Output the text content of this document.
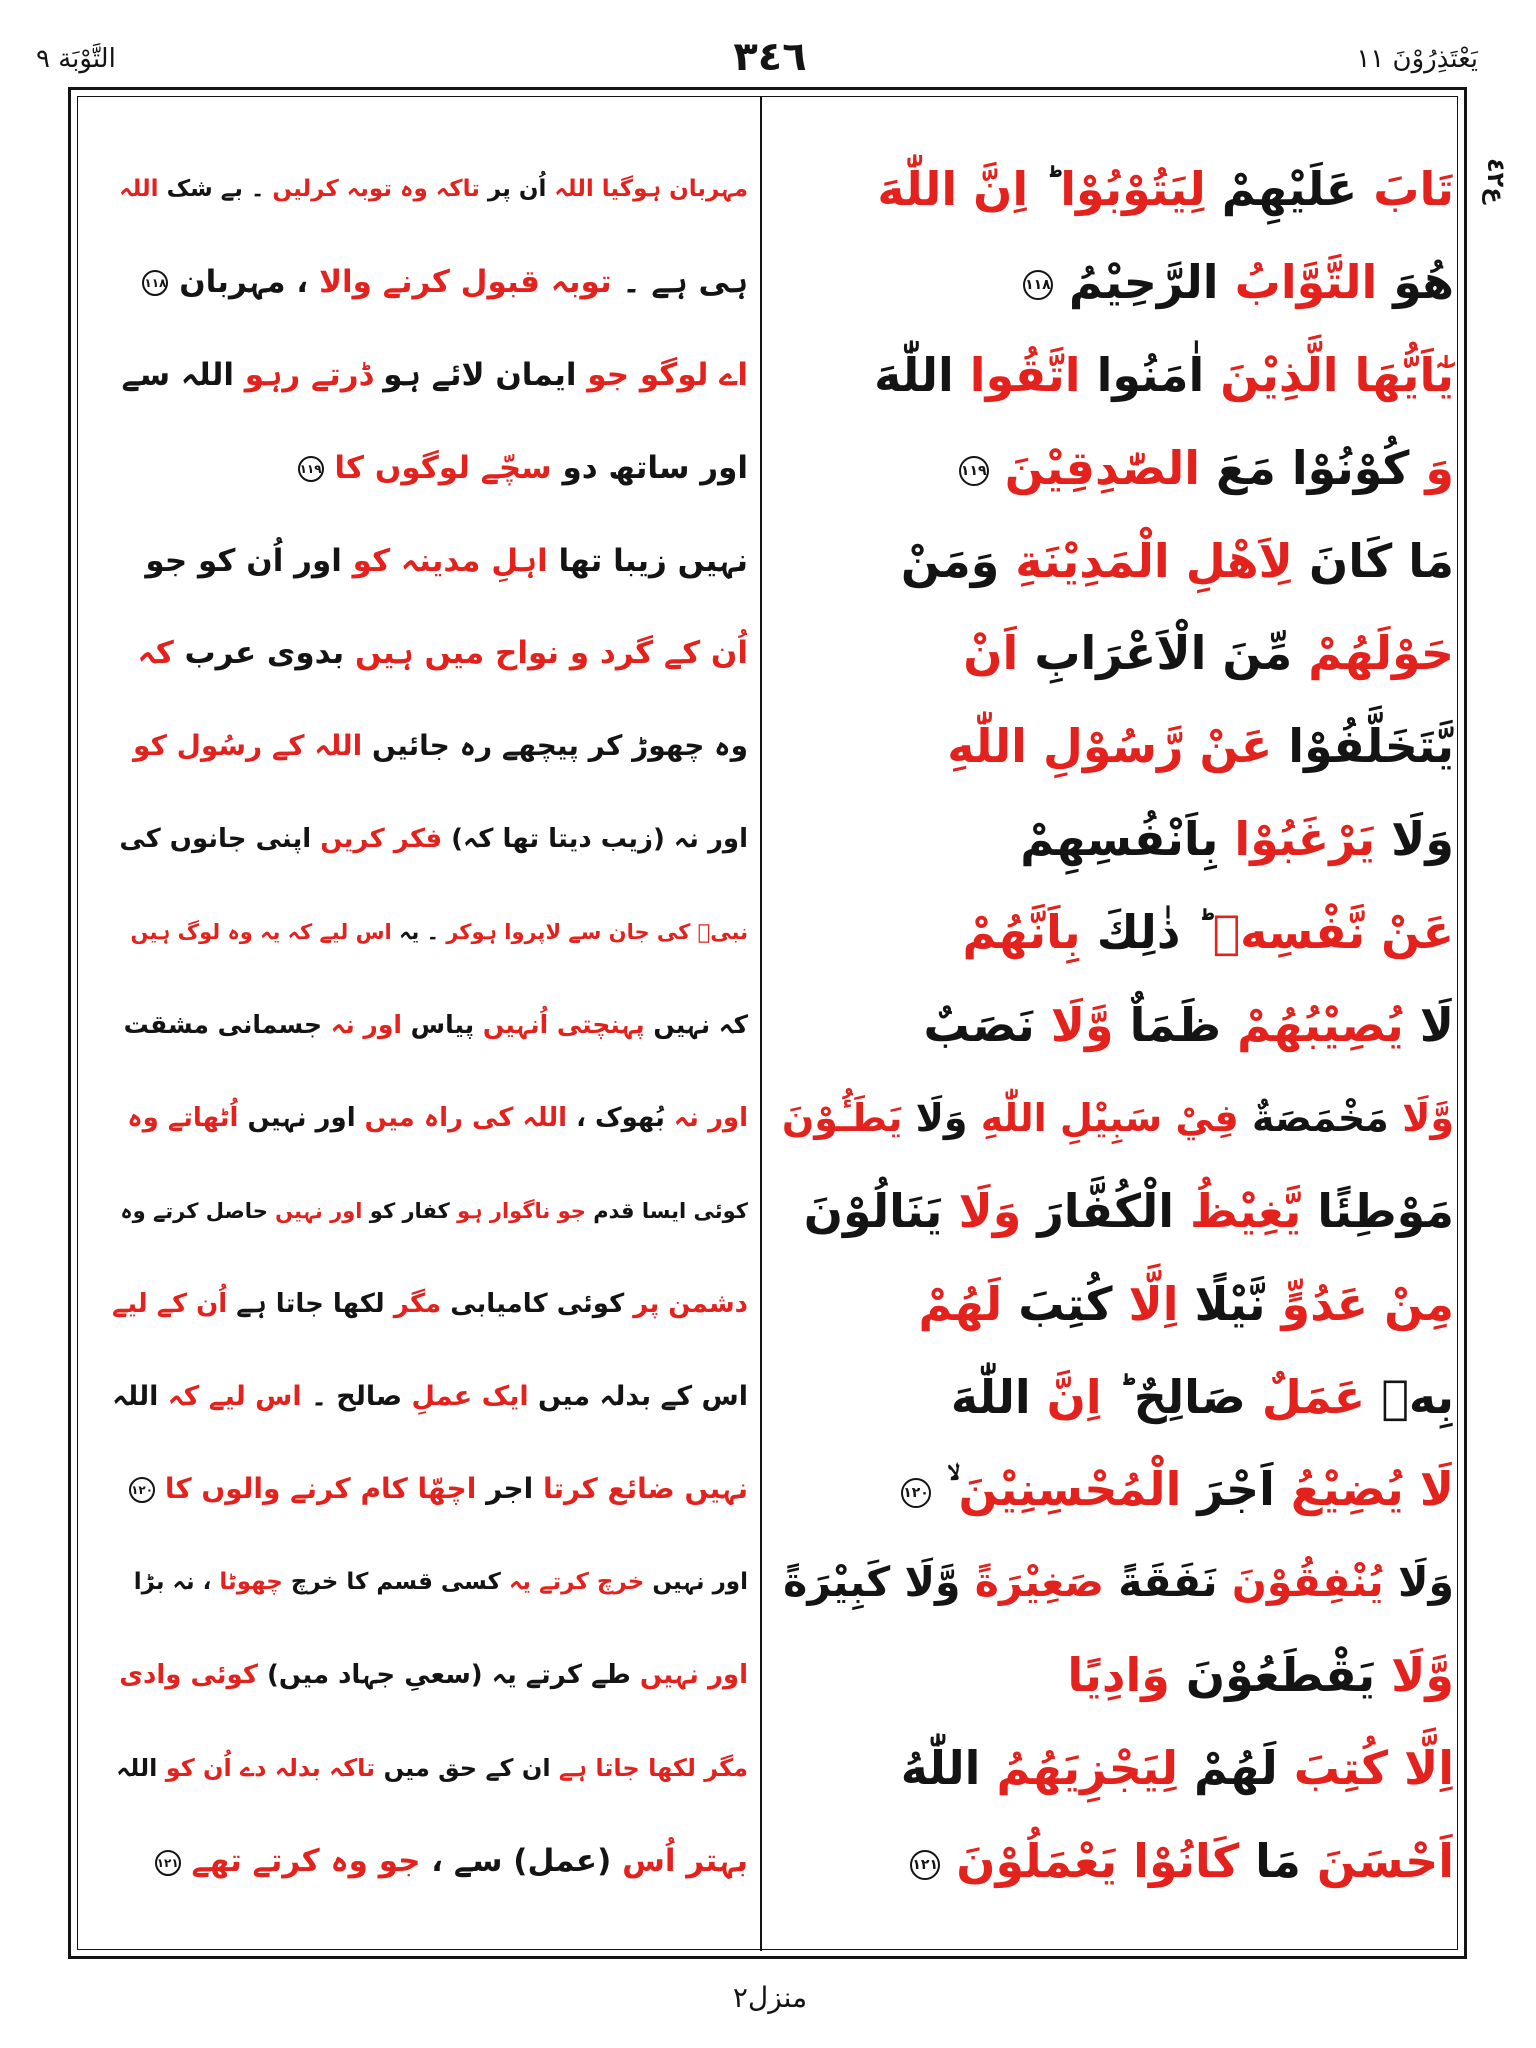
التَّوْبَة ٩	٣٤٦	يَعْتَذِرُوْنَ ١١
تَابَ عَلَيْهِمْ لِيَتُوْبُوْا اِنَّ اللّٰهَ
هُوَ التَّوَّابُ الرَّحِيْمُ ١١٨
يٰٓاَيُّهَا الَّذِيْنَ اٰمَنُوا اتَّقُوا اللّٰهَ
وَ كُوْنُوْا مَعَ الصّٰدِقِيْنَ ١١٩
مَا كَانَ لِاَهْلِ الْمَدِيْنَةِ وَمَنْ
حَوْلَهُمْ مِّنَ الْاَعْرَابِ اَنْ
يَّتَخَلَّفُوْا عَنْ رَّسُوْلِ اللّٰهِ
وَلَا يَرْغَبُوْا بِاَنْفُسِهِمْ
عَنْ نَّفْسِهٖ ؕ ذٰلِكَ بِاَنَّهُمْ
لَا يُصِيْبُهُمْ ظَمَاٌ وَّلَا نَصَبٌ
وَّلَا مَخْمَصَةٌ فِيْ سَبِيْلِ اللّٰهِ وَلَا يَطَـُٔوْنَ
مَوْطِئًا يَّغِيْظُ الْكُفَّارَ وَلَا يَنَالُوْنَ
مِنْ عَدُوٍّ نَّيْلًا اِلَّا كُتِبَ لَهُمْ
بِهٖ عَمَلٌ صَالِحٌ ؕ اِنَّ اللّٰهَ
لَا يُضِيْعُ اَجْرَ الْمُحْسِنِيْنَ ١٢٠
وَلَا يُنْفِقُوْنَ نَفَقَةً صَغِيْرَةً وَّلَا كَبِيْرَةً
وَّلَا يَقْطَعُوْنَ وَادِيًا
اِلَّا كُتِبَ لَهُمْ لِيَجْزِيَهُمُ اللّٰهُ
اَحْسَنَ مَا كَانُوْا يَعْمَلُوْنَ ١٢١
مہربان ہوگیا اللہ اُن پر تاکہ وہ توبہ کرلیں ۔ بے شک اللہ
ہی ہے ۔ توبہ قبول کرنے والا ، مہربان ١١٨
اے لوگو جو ایمان لائے ہو ڈرتے رہو اللہ سے
اور ساتھ دو سچّے لوگوں کا ١١٩
نہیں زیبا تھا اہلِ مدینہ کو اور اُن کو جو
اُن کے گرد و نواح میں ہیں بدوی عرب کہ
وہ چھوڑ کر پیچھے رہ جائیں اللہ کے رسُول کو
اور نہ (زیب دیتا تھا کہ) فکر کریں اپنی جانوں کی
نبیؐ کی جان سے لاپروا ہوکر ۔ یہ اس لیے کہ یہ وہ لوگ ہیں
کہ نہیں پہنچتی اُنہیں پیاس اور نہ جسمانی مشقت
اور نہ بُھوک ، اللہ کی راہ میں اور نہیں اُٹھاتے وہ
کوئی ایسا قدم جو ناگوار ہو کفار کو اور نہیں حاصل کرتے وہ
دشمن پر کوئی کامیابی مگر لکھا جاتا ہے اُن کے لیے
اس کے بدلہ میں ایک عملِ صالح ۔ اس لیے کہ اللہ
نہیں ضائع کرتا اجر اچھّا کام کرنے والوں کا ١٢٠
اور نہیں خرچ کرتے یہ کسی قسم کا خرچ چھوٹا ، نہ بڑا
اور نہیں طے کرتے یہ (سعیِ جہاد میں) کوئی وادی
مگر لکھا جاتا ہے ان کے حق میں تاکہ بدلہ دے اُن کو اللہ
بہتر اُس (عمل) سے ، جو وہ کرتے تھے ١٢١
ع٤٢
منزل٢
